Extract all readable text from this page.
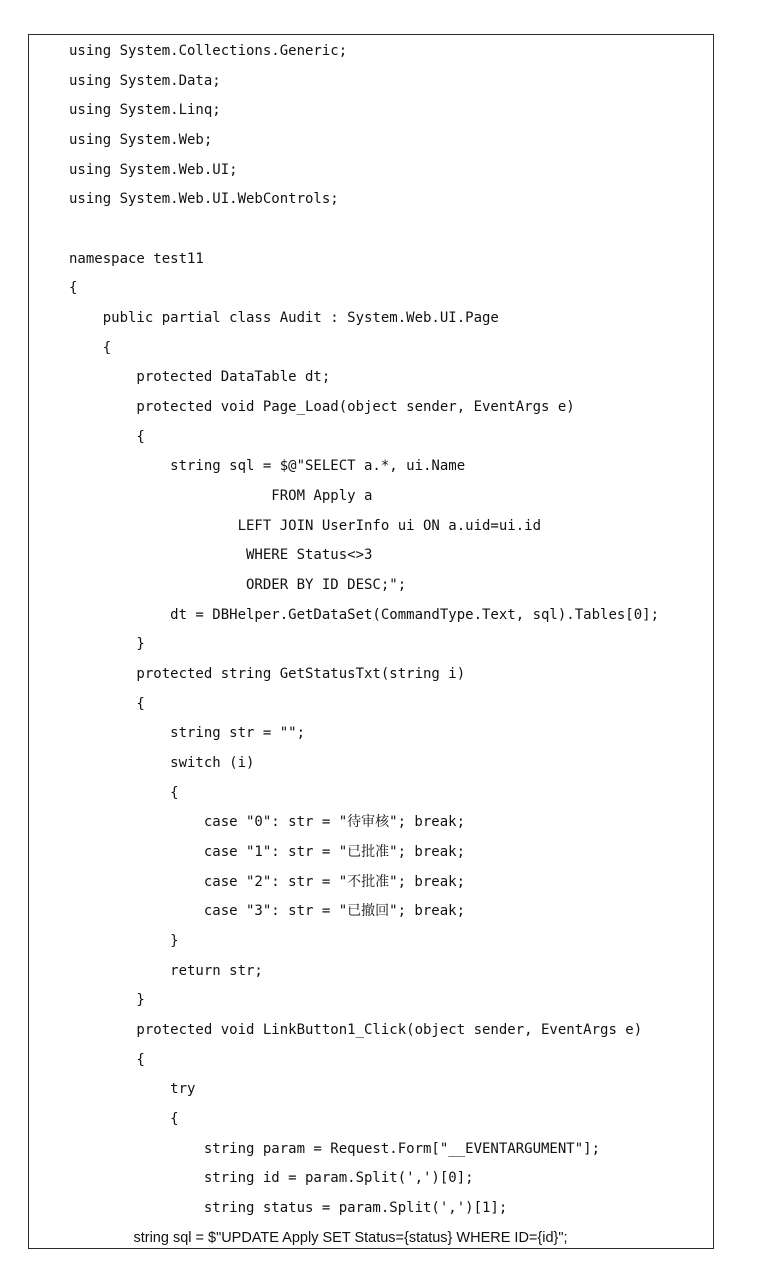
using System.Collections.Generic;
using System.Data;
using System.Linq;
using System.Web;
using System.Web.UI;
using System.Web.UI.WebControls;
namespace test11
{
public partial class Audit : System.Web.UI.Page
{
protected DataTable dt;
protected void Page_Load(object sender, EventArgs e)
{
string sql = $@"SELECT a.*, ui.Name
FROM Apply a
LEFT JOIN UserInfo ui ON a.uid=ui.id
WHERE Status<>3
ORDER BY ID DESC;";
dt = DBHelper.GetDataSet(CommandType.Text, sql).Tables[0];
}
protected string GetStatusTxt(string i)
{
string str = "";
switch (i)
{
case "0": str = "待审核"; break;
case "1": str = "已批准"; break;
case "2": str = "不批准"; break;
case "3": str = "已撤回"; break;
}
return str;
}
protected void LinkButton1_Click(object sender, EventArgs e)
{
try
{
string param = Request.Form["__EVENTARGUMENT"];
string id = param.Split(',')[0];
string status = param.Split(',')[1];
string sql = $"UPDATE Apply SET Status={status} WHERE ID={id}";
